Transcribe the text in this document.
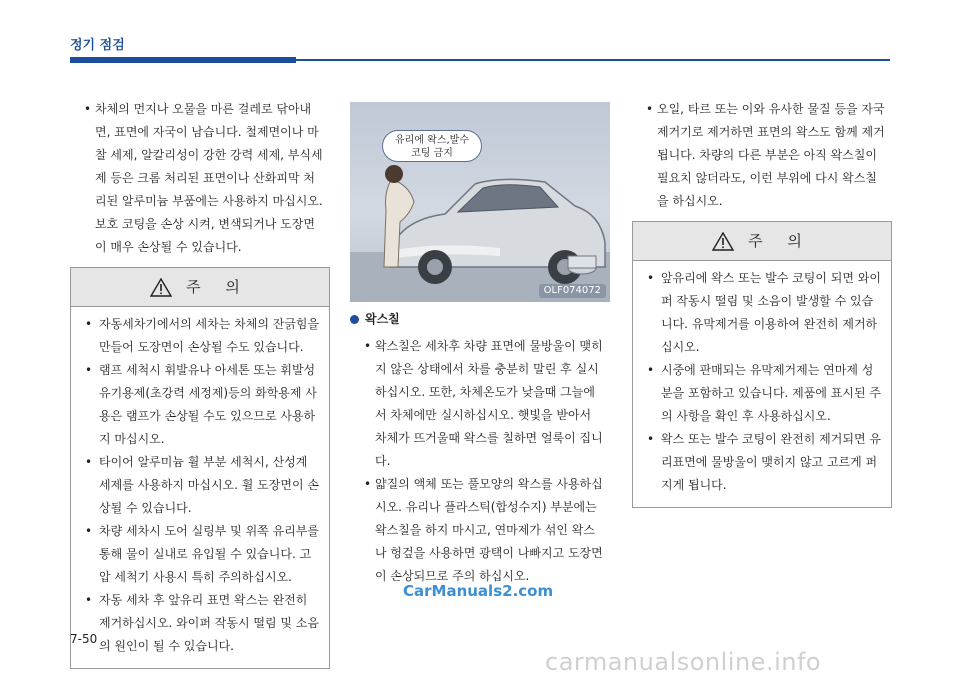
정기 점검
• 차체의 먼지나 오물을 마른 걸레로 닦아내면, 표면에 자국이 남습니다. 철제면이나 마찰 세제, 알칼리성이 강한 강력 세제, 부식세제 등은 크롬 처리된 표면이나 산화피막 처리된 알루미늄 부품에는 사용하지 마십시오. 보호 코팅을 손상 시켜, 변색되거나 도장면이 매우 손상될 수 있습니다.
주 의
• 자동세차기에서의 세차는 차체의 잔긁힘을 만들어 도장면이 손상될 수도 있습니다.
• 램프 세척시 휘발유나 아세톤 또는 휘발성 유기용제(초강력 세정제)등의 화학용제 사용은 램프가 손상될 수도 있으므로 사용하지 마십시오.
• 타이어 알루미늄 휠 부분 세척시, 산성계 세제를 사용하지 마십시오. 휠 도장면이 손상될 수 있습니다.
• 차량 세차시 도어 실링부 및 위쪽 유리부를 통해 물이 실내로 유입될 수 있습니다. 고압 세척기 사용시 특히 주의하십시오.
• 자동 세차 후 앞유리 표면 왁스는 완전히 제거하십시오. 와이퍼 작동시 떨림 및 소음의 원인이 될 수 있습니다.
유리에 왁스,발수
코팅 금지
OLF074072
왁스칠
• 왁스칠은 세차후 차량 표면에 물방울이 맺히지 않은 상태에서 차를 충분히 말린 후 실시하십시오. 또한, 차체온도가 낮을때 그늘에서 차체에만 실시하십시오. 햇빛을 받아서 차체가 뜨거울때 왁스를 칠하면 얼룩이 집니다.
• 얇질의 액체 또는 풀모양의 왁스를 사용하십시오. 유리나 플라스틱(합성수지) 부분에는 왁스칠을 하지 마시고, 연마제가 섞인 왁스나 헝겊을 사용하면 광택이 나빠지고 도장면이 손상되므로 주의 하십시오.
• 오일, 타르 또는 이와 유사한 물질 등을 자국 제거기로 제거하면 표면의 왁스도 함께 제거됩니다. 차량의 다른 부분은 아직 왁스칠이 필요치 않더라도, 이런 부위에 다시 왁스칠을 하십시오.
주 의
• 앞유리에 왁스 또는 발수 코팅이 되면 와이퍼 작동시 떨림 및 소음이 발생할 수 있습니다. 유막제거를 이용하여 완전히 제거하십시오.
• 시중에 판매되는 유막제거제는 연마제 성분을 포함하고 있습니다. 제품에 표시된 주의 사항을 확인 후 사용하십시오.
• 왁스 또는 발수 코팅이 완전히 제거되면 유리표면에 물방울이 맺히지 않고 고르게 퍼지게 됩니다.
CarManuals2.com
7-50
carmanualsonline.info
